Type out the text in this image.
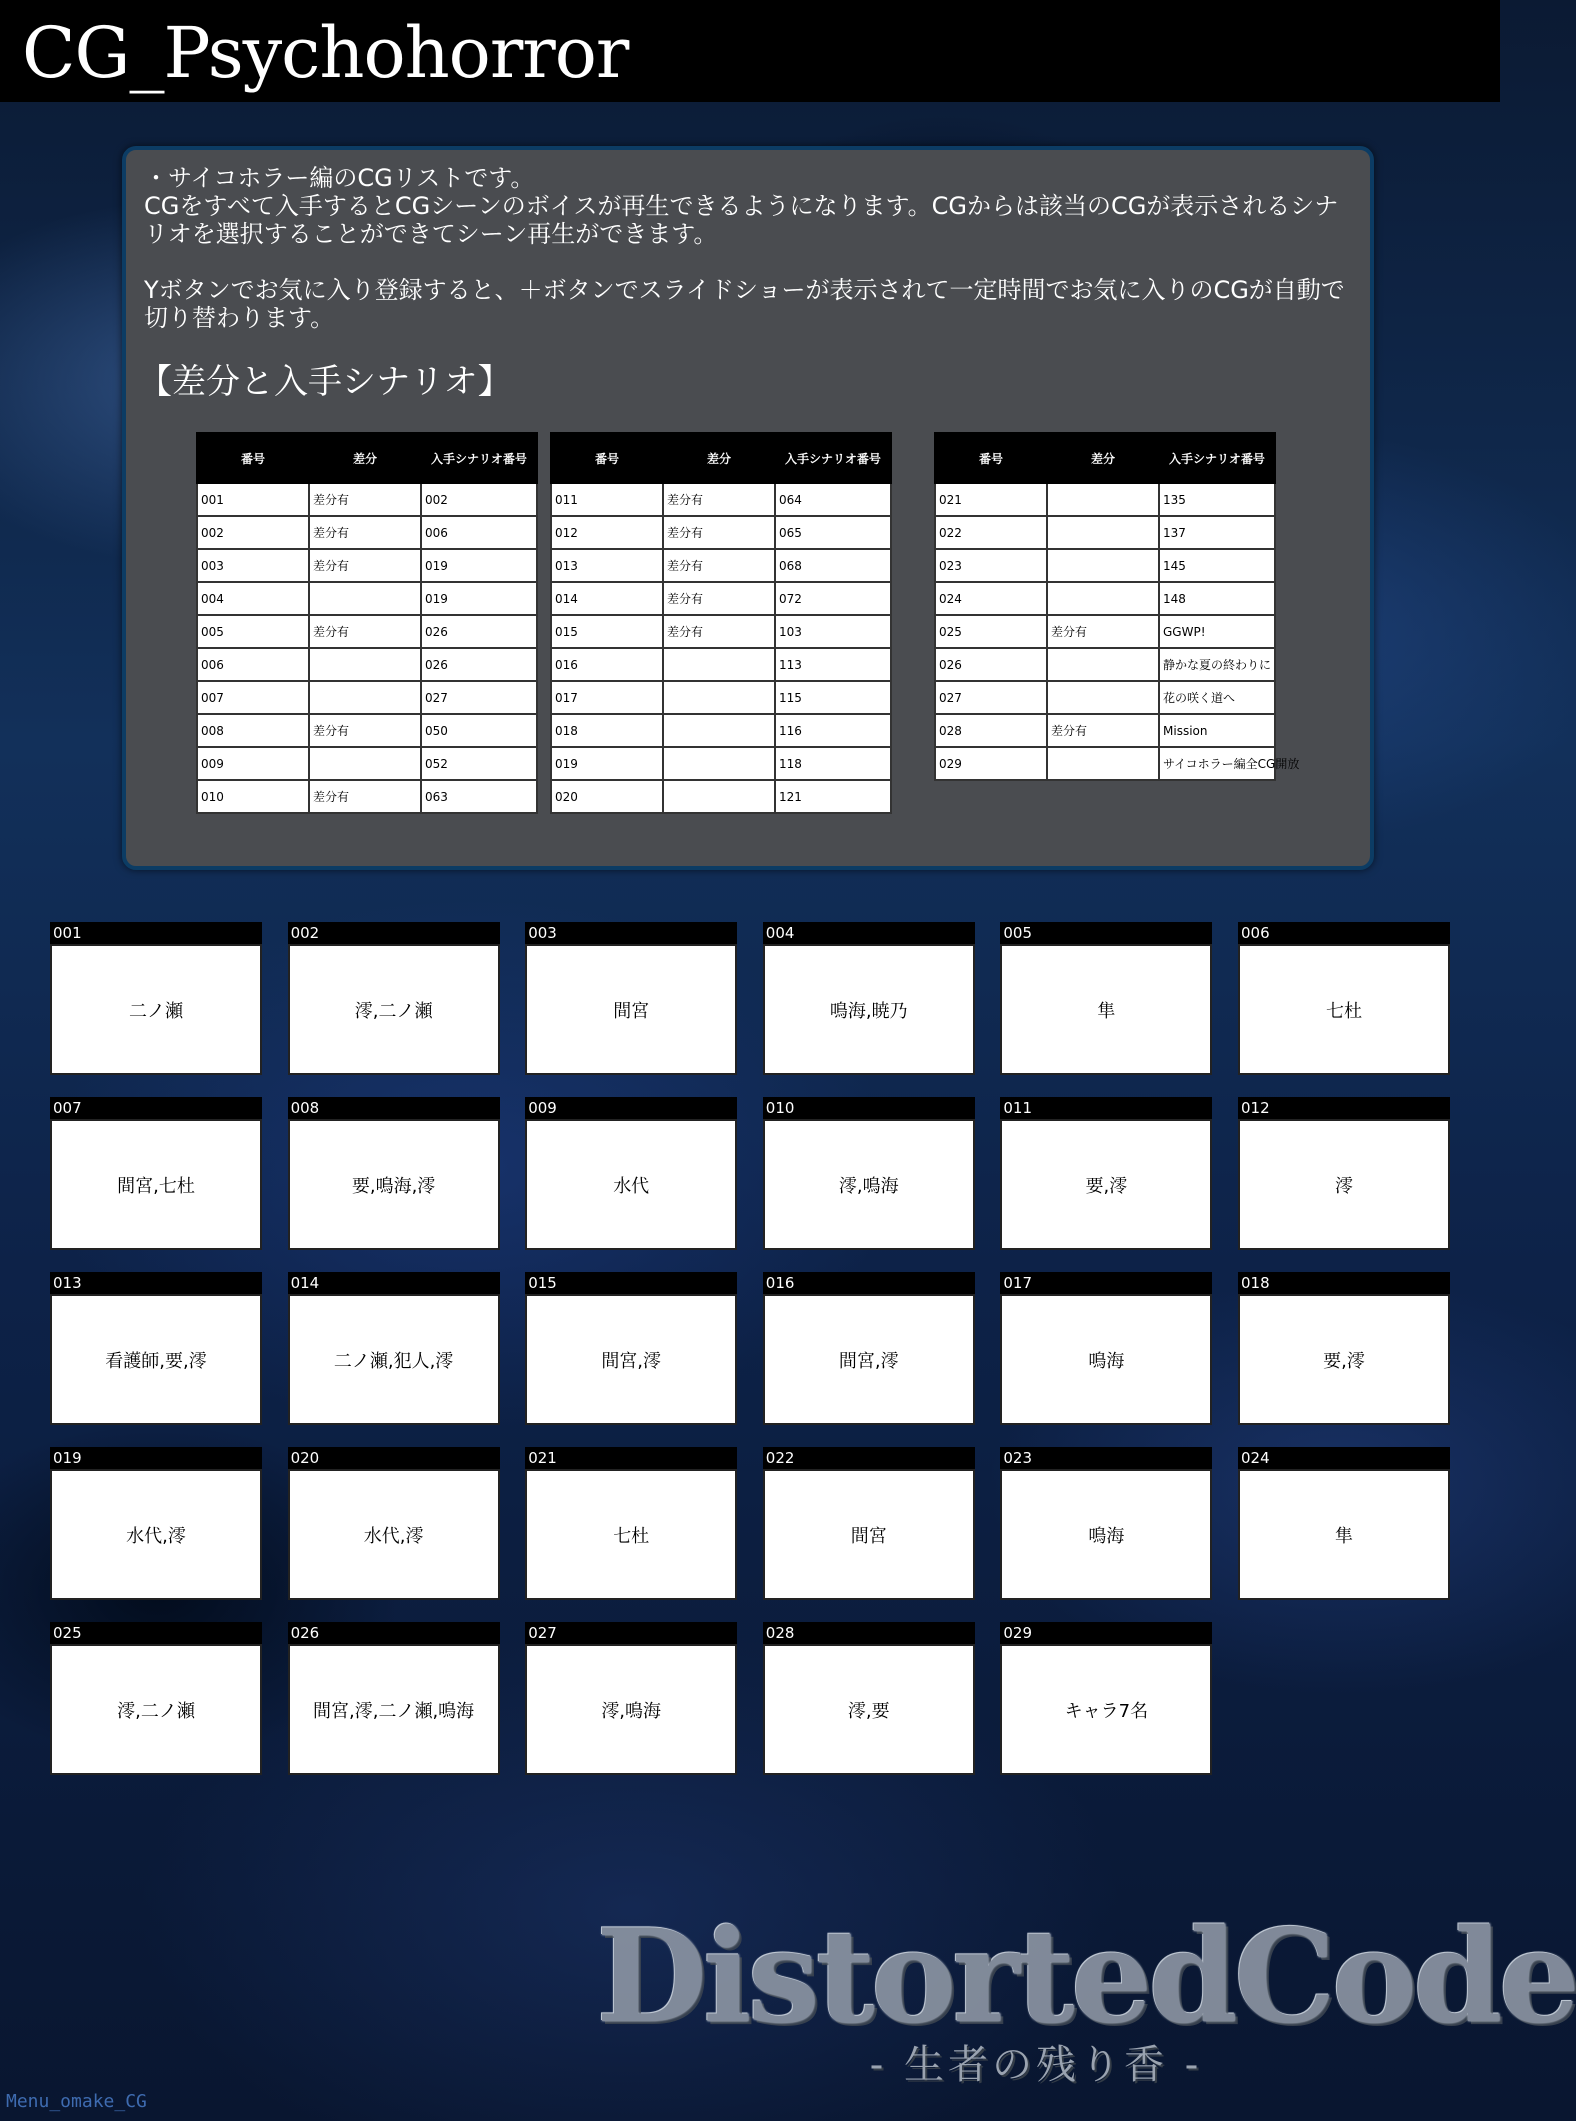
CG_Psychohorror

・サイコホラー編のCGリストです。

CGをすべて入手するとCGシーンのボイスが再生できるようになります。CGからは該当のCGが表示されるシナリオを選択することができてシーン再生ができます。

Yボタンでお気に入り登録すると、＋ボタンでスライドショーが表示されて一定時間でお気に入りのCGが自動で切り替わります。

【差分と入手シナリオ】
番号	差分	入手シナリオ番号
001	差分有	002
002	差分有	006
003	差分有	019
004		019
005	差分有	026
006		026
007		027
008	差分有	050
009		052
010	差分有	063
番号	差分	入手シナリオ番号
011	差分有	064
012	差分有	065
013	差分有	068
014	差分有	072
015	差分有	103
016		113
017		115
018		116
019		118
020		121
番号	差分	入手シナリオ番号
021		135
022		137
023		145
024		148
025	差分有	GGWP!
026		静かな夏の終わりに
027		花の咲く道へ
028	差分有	Mission
029		サイコホラー編全CG開放
001
二ノ瀬
002
澪,二ノ瀬
003
間宮
004
鳴海,暁乃
005
隼
006
七杜
007
間宮,七杜
008
要,鳴海,澪
009
水代
010
澪,鳴海
011
要,澪
012
澪
013
看護師,要,澪
014
二ノ瀬,犯人,澪
015
間宮,澪
016
間宮,澪
017
鳴海
018
要,澪
019
水代,澪
020
水代,澪
021
七杜
022
間宮
023
鳴海
024
隼
025
澪,二ノ瀬
026
間宮,澪,二ノ瀬,鳴海
027
澪,鳴海
028
澪,要
029
キャラ7名
DistortedCode
- 生者の残り香 -
Menu_omake_CG
